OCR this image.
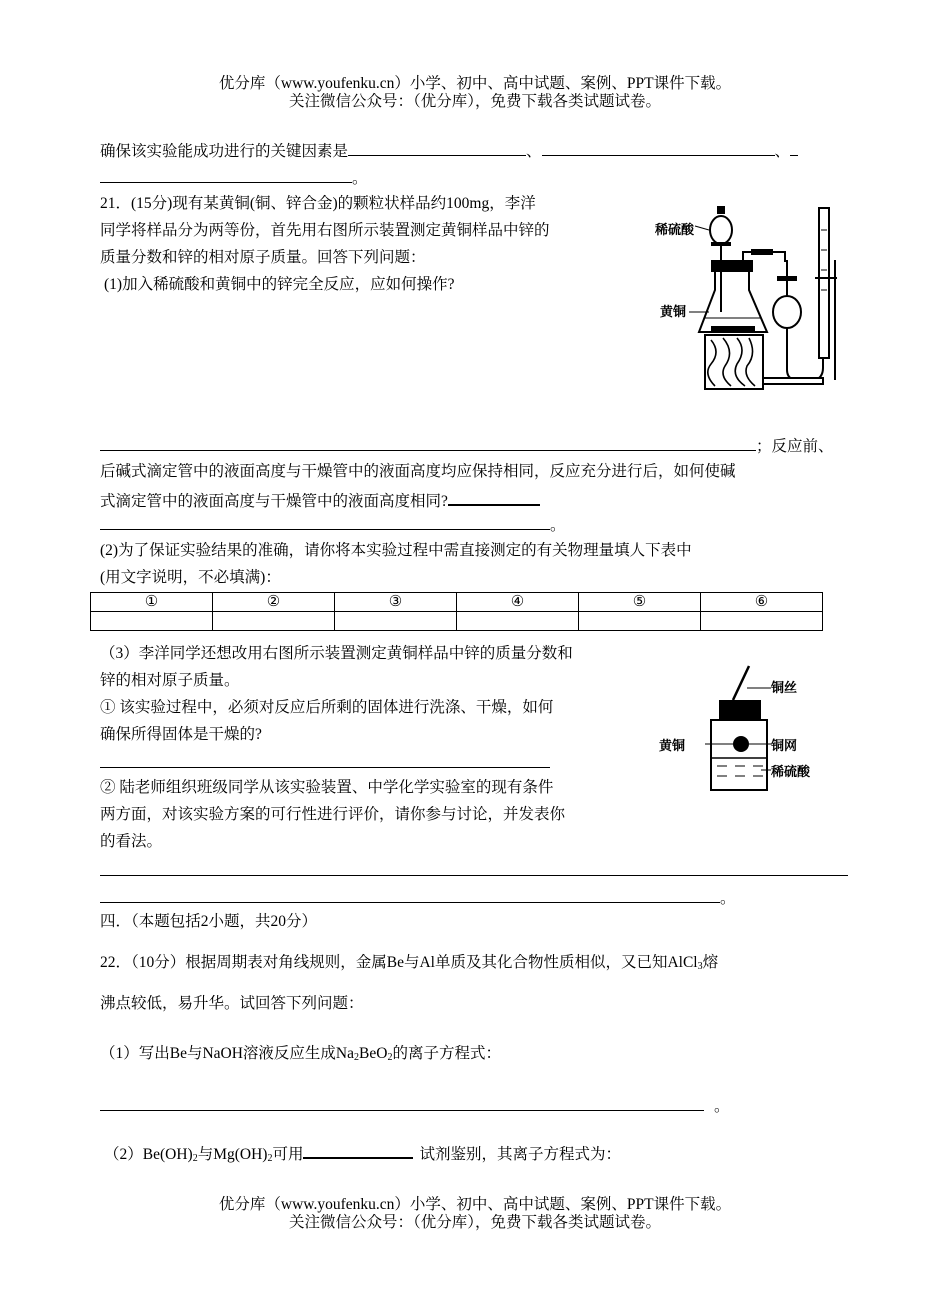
优分库（www.youfenku.cn）小学、初中、高中试题、案例、PPT课件下载。
关注微信公众号：（优分库），免费下载各类试题试卷。
确保该实验能成功进行的关键因素是	、	、
。
21．(15分)现有某黄铜(铜、锌合金)的颗粒状样品约100mg，李洋
同学将样品分为两等份，首先用右图所示装置测定黄铜样品中锌的
质量分数和锌的相对原子质量。回答下列问题：
(1)加入稀硫酸和黄铜中的锌完全反应，应如何操作?
稀硫酸
黄铜
；反应前、
后碱式滴定管中的液面高度与干燥管中的液面高度均应保持相同，反应充分进行后，如何使碱
式滴定管中的液面高度与干燥管中的液面高度相同?
。
(2)为了保证实验结果的准确，请你将本实验过程中需直接测定的有关物理量填人下表中
(用文字说明，不必填满)：
①	②	③	④	⑤	⑥

（3）李洋同学还想改用右图所示装置测定黄铜样品中锌的质量分数和
锌的相对原子质量。
① 该实验过程中，必须对反应后所剩的固体进行洗涤、干燥，如何
确保所得固体是干燥的?
② 陆老师组织班级同学从该实验装置、中学化学实验室的现有条件
两方面，对该实验方案的可行性进行评价，请你参与讨论，并发表你
的看法。
铜丝
黄铜	铜网
稀硫酸
。
四．（本题包括2小题，共20分）
22．（10分）根据周期表对角线规则，金属Be与Al单质及其化合物性质相似，又已知AlCl$_3$熔
沸点较低，易升华。试回答下列问题：
（1）写出Be与NaOH溶液反应生成$Na_2BeO_2$的离子方程式：
。
$(2)Be(OH)_2$与$Mg(OH)_2$可用	试剂鉴别，其离子方程式为：
优分库（www.youfenku.cn）小学、初中、高中试题、案例、PPT课件下载。
关注微信公众号：（优分库），免费下载各类试题试卷。
